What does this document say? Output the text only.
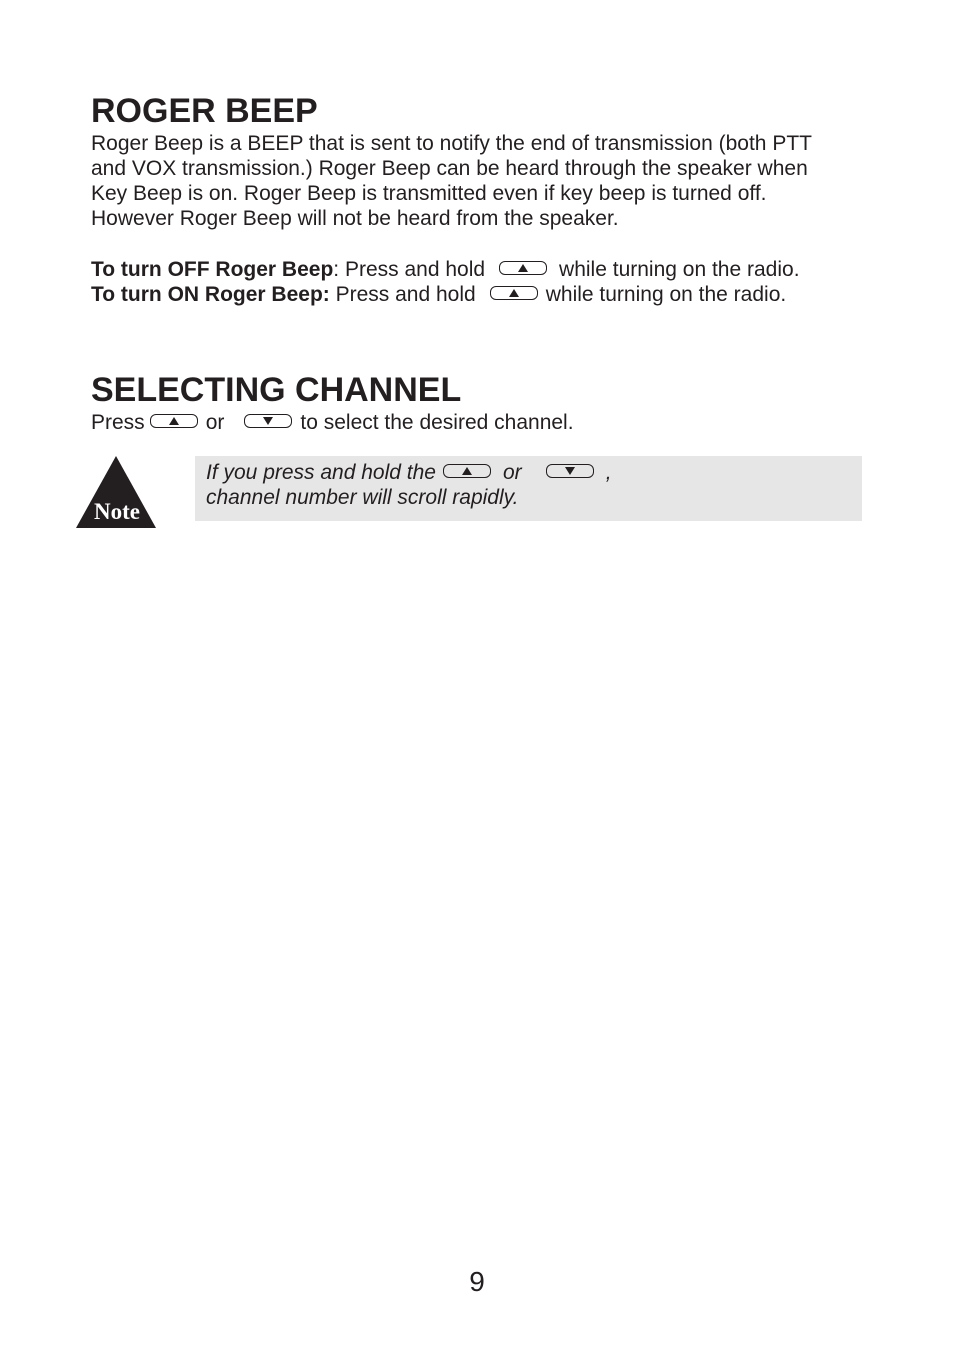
ROGER BEEP
Roger Beep is a BEEP that is sent to notify the end of transmission (both PTT
and VOX transmission.) Roger Beep can be heard through the speaker when
Key Beep is on. Roger Beep is transmitted even if key beep is turned off.
However Roger Beep will not be heard from the speaker.
To turn OFF Roger Beep: Press and hold	while turning on the radio.
To turn ON Roger Beep: Press and hold	while turning on the radio.
SELECTING CHANNEL
Press	or	to select the desired channel.
Note
If you press and hold the	or	,
channel number will scroll rapidly.
9
